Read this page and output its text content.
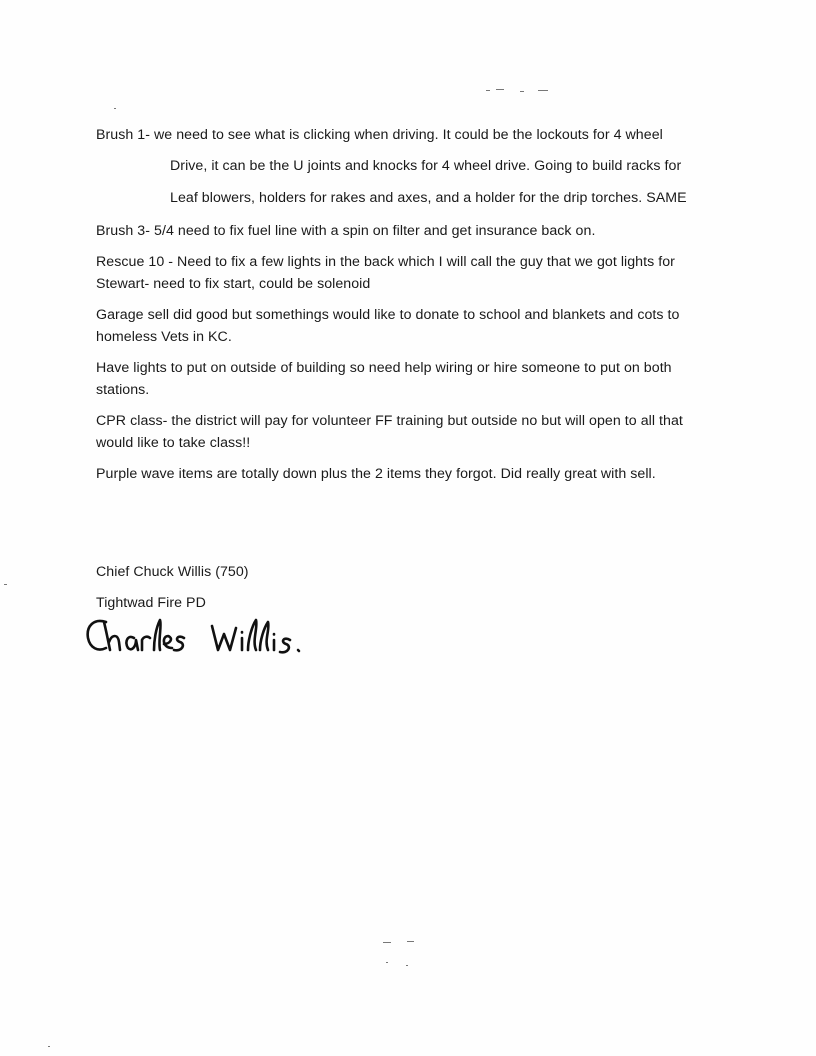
Brush 1- we need to see what is clicking when driving. It could be the lockouts for 4 wheel
Drive, it can be the U joints and knocks for 4 wheel drive. Going to build racks for
Leaf blowers, holders for rakes and axes, and a holder for the drip torches. SAME
Brush 3- 5/4 need to fix fuel line with a spin on filter and get insurance back on.
Rescue 10 - Need to fix a few lights in the back which I will call the guy that we got lights for
Stewart- need to fix start, could be solenoid
Garage sell did good but somethings would like to donate to school and blankets and cots to
homeless Vets in KC.
Have lights to put on outside of building so need help wiring or hire someone to put on both
stations.
CPR class- the district will pay for volunteer FF training but outside no but will open to all that
would like to take class!!
Purple wave items are totally down plus the 2 items they forgot. Did really great with sell.
Chief Chuck Willis (750)
Tightwad Fire PD
